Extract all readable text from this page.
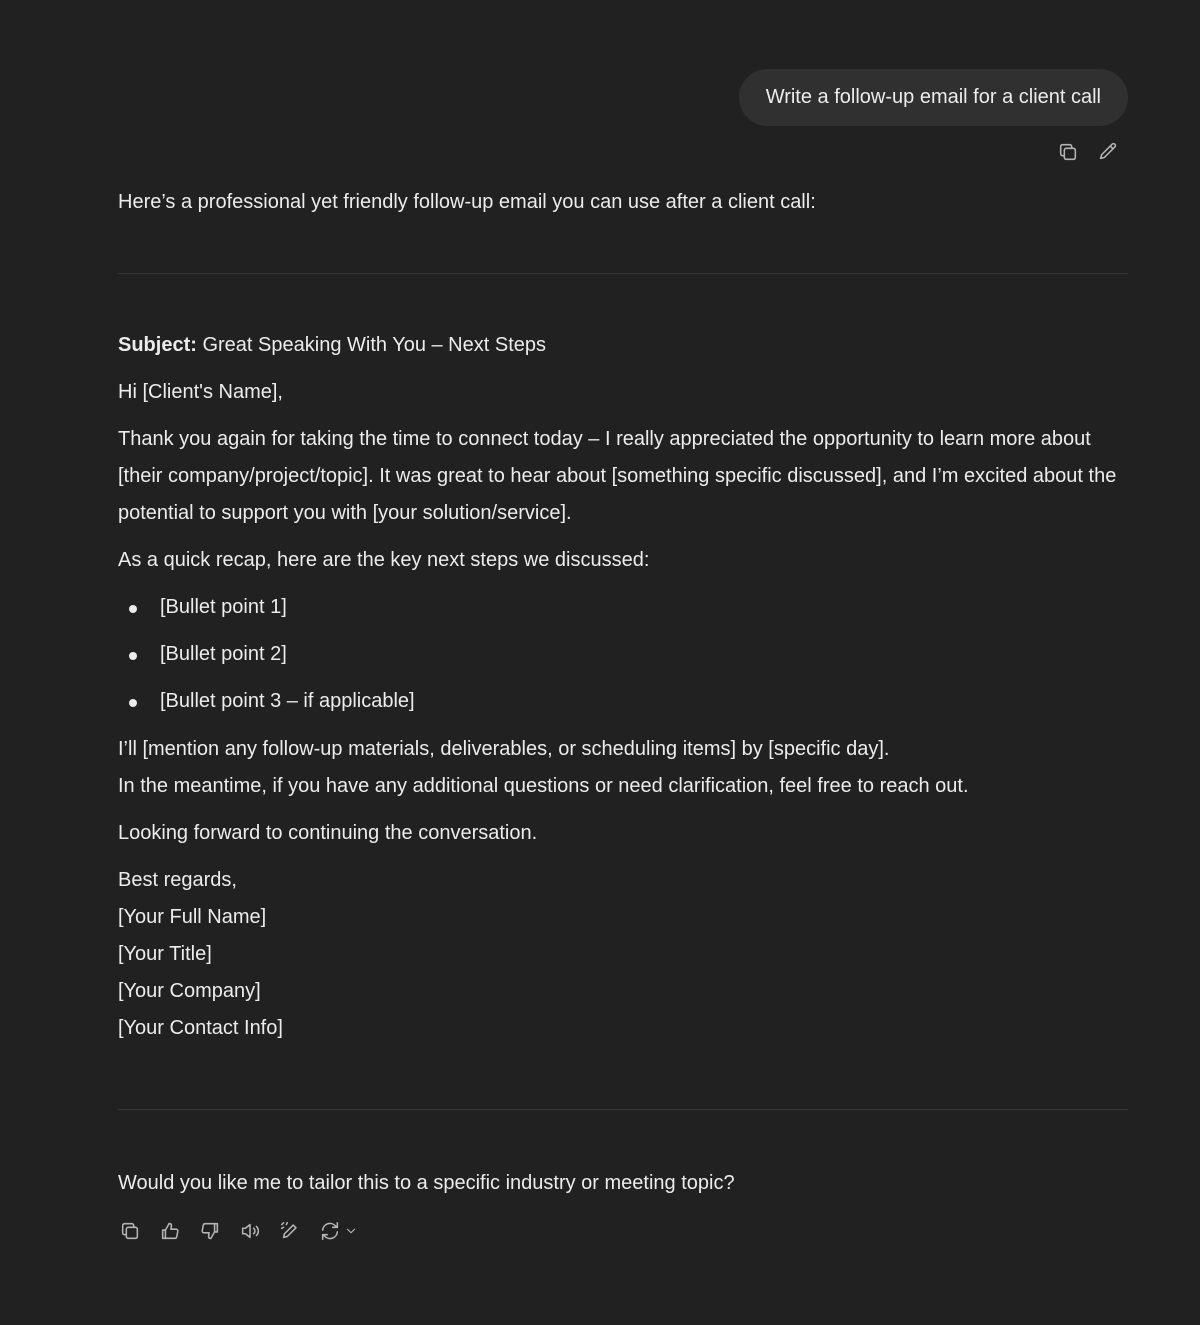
Write a follow-up email for a client call
Here’s a professional yet friendly follow-up email you can use after a client call:

Subject: Great Speaking With You – Next Steps

Hi [Client's Name],

Thank you again for taking the time to connect today – I really appreciated the opportunity to learn more about [their company/project/topic]. It was great to hear about [something specific discussed], and I’m excited about the potential to support you with [your solution/service].

As a quick recap, here are the key next steps we discussed:

[Bullet point 1]
[Bullet point 2]
[Bullet point 3 – if applicable]

I’ll [mention any follow-up materials, deliverables, or scheduling items] by [specific day].
In the meantime, if you have any additional questions or need clarification, feel free to reach out.

Looking forward to continuing the conversation.

Best regards,
[Your Full Name]
[Your Title]
[Your Company]
[Your Contact Info]

Would you like me to tailor this to a specific industry or meeting topic?
